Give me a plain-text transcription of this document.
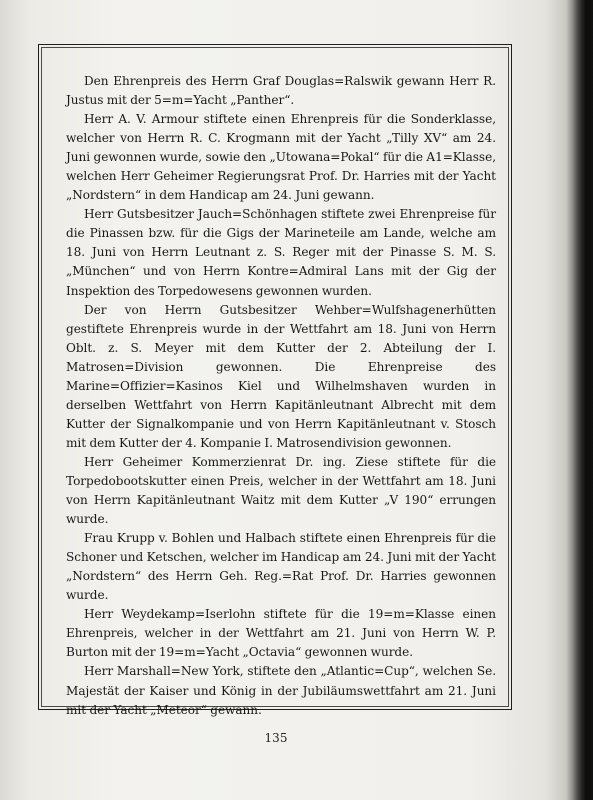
Den Ehrenpreis des Herrn Graf Douglas=Ralswik gewann Herr R. Justus mit der 5=m=Yacht „Panther“.

Herr A. V. Armour stiftete einen Ehrenpreis für die Sonderklasse, welcher von Herrn R. C. Krogmann mit der Yacht „Tilly XV“ am 24. Juni gewonnen wurde, sowie den „Utowana=Pokal“ für die A1=Klasse, welchen Herr Geheimer Regierungsrat Prof. Dr. Harries mit der Yacht „Nordstern“ in dem Handicap am 24. Juni gewann.

Herr Gutsbesitzer Jauch=Schönhagen stiftete zwei Ehrenpreise für die Pinassen bzw. für die Gigs der Marineteile am Lande, welche am 18. Juni von Herrn Leutnant z. S. Reger mit der Pinasse S. M. S. „München“ und von Herrn Kontre=Admiral Lans mit der Gig der Inspektion des Torpedowesens gewonnen wurden.

Der von Herrn Gutsbesitzer Wehber=Wulfshagenerhütten gestiftete Ehrenpreis wurde in der Wettfahrt am 18. Juni von Herrn Oblt. z. S. Meyer mit dem Kutter der 2. Abteilung der I. Matrosen=Division gewonnen. Die Ehrenpreise des Marine=Offizier=Kasinos Kiel und Wilhelmshaven wurden in derselben Wettfahrt von Herrn Kapitänleutnant Albrecht mit dem Kutter der Signalkompanie und von Herrn Kapitänleutnant v. Stosch mit dem Kutter der 4. Kompanie I. Matrosendivision gewonnen.

Herr Geheimer Kommerzienrat Dr. ing. Ziese stiftete für die Torpedobootskutter einen Preis, welcher in der Wettfahrt am 18. Juni von Herrn Kapitänleutnant Waitz mit dem Kutter „V 190“ errungen wurde.

Frau Krupp v. Bohlen und Halbach stiftete einen Ehrenpreis für die Schoner und Ketschen, welcher im Handicap am 24. Juni mit der Yacht „Nordstern“ des Herrn Geh. Reg.=Rat Prof. Dr. Harries gewonnen wurde.

Herr Weydekamp=Iserlohn stiftete für die 19=m=Klasse einen Ehrenpreis, welcher in der Wettfahrt am 21. Juni von Herrn W. P. Burton mit der 19=m=Yacht „Octavia“ gewonnen wurde.

Herr Marshall=New York, stiftete den „Atlantic=Cup“, welchen Se. Majestät der Kaiser und König in der Jubiläumswettfahrt am 21. Juni mit der Yacht „Meteor“ gewann.

135
